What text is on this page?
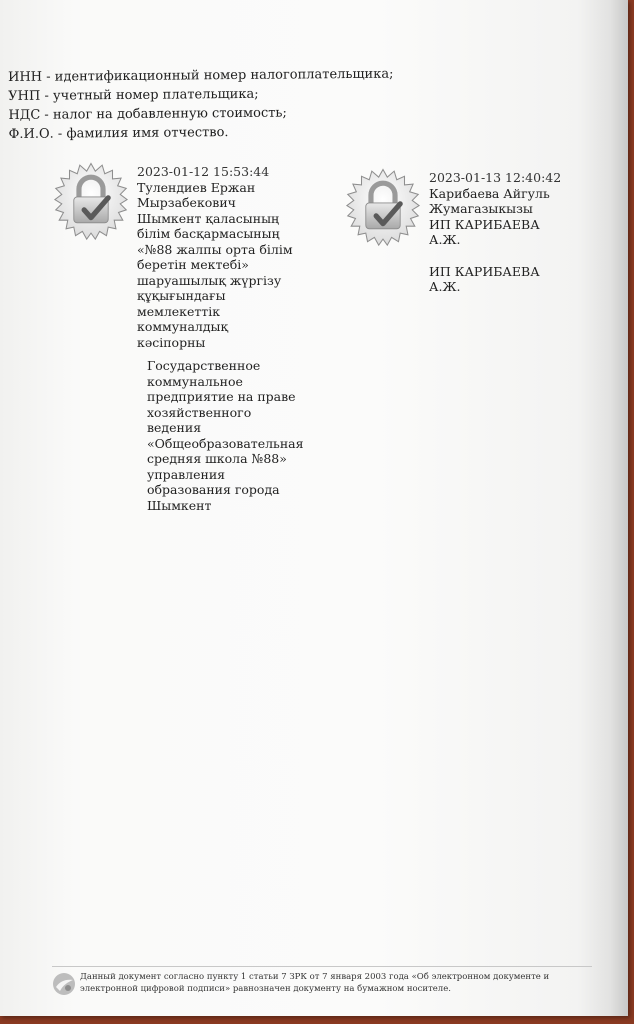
ИНН - идентификационный номер налогоплательщика;
УНП - учетный номер плательщика;
НДС - налог на добавленную стоимость;
Ф.И.О. - фамилия имя отчество.
2023-01-12 15:53:44
Тулендиев Ержан
Мырзабекович
Шымкент қаласының
білім басқармасының
«№88 жалпы орта білім
беретін мектебі»
шаруашылық жүргізу
құқығындағы
мемлекеттік
коммуналдық
кәсіпорны
Государственное
коммунальное
предприятие на праве
хозяйственного
ведения
«Общеобразовательная
средняя школа №88»
управления
образования города
Шымкент
2023-01-13 12:40:42
Карибаева Айгуль
Жумагазыкызы
ИП КАРИБАЕВА
А.Ж.
ИП КАРИБАЕВА
А.Ж.
Данный документ согласно пункту 1 статьи 7 ЗРК от 7 января 2003 года «Об электронном документе и
электронной цифровой подписи» равнозначен документу на бумажном носителе.
